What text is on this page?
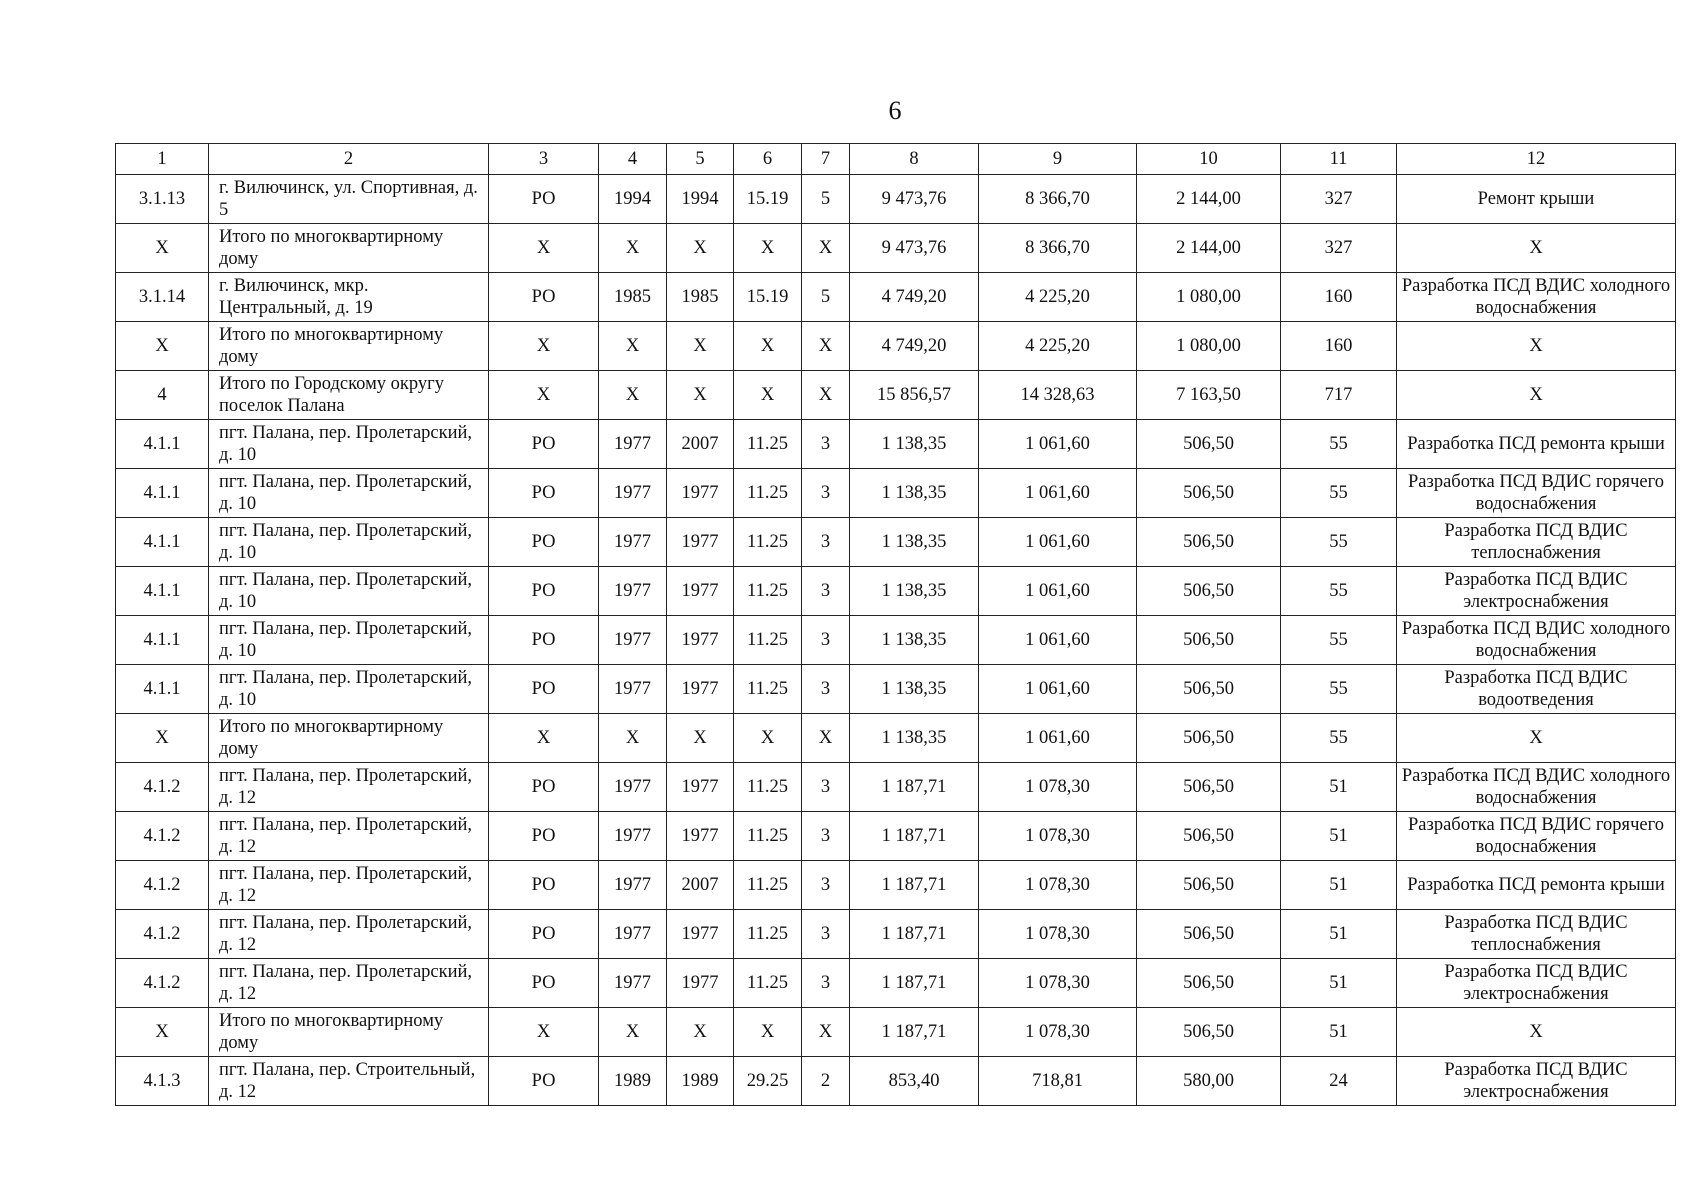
6
1	2	3	4	5	6	7	8	9	10	11	12
3.1.13	г. Вилючинск, ул. Спортивная, д. 5	РО	1994	1994	15.19	5	9 473,76	8 366,70	2 144,00	327	Ремонт крыши
Х	Итого по многоквартирному дому	Х	Х	Х	Х	Х	9 473,76	8 366,70	2 144,00	327	Х
3.1.14	г. Вилючинск, мкр. Центральный, д. 19	РО	1985	1985	15.19	5	4 749,20	4 225,20	1 080,00	160	Разработка ПСД ВДИС холодного водоснабжения
Х	Итого по многоквартирному дому	Х	Х	Х	Х	Х	4 749,20	4 225,20	1 080,00	160	Х
4	Итого по Городскому округу поселок Палана	Х	Х	Х	Х	Х	15 856,57	14 328,63	7 163,50	717	Х
4.1.1	пгт. Палана, пер. Пролетарский, д. 10	РО	1977	2007	11.25	3	1 138,35	1 061,60	506,50	55	Разработка ПСД ремонта крыши
4.1.1	пгт. Палана, пер. Пролетарский, д. 10	РО	1977	1977	11.25	3	1 138,35	1 061,60	506,50	55	Разработка ПСД ВДИС горячего водоснабжения
4.1.1	пгт. Палана, пер. Пролетарский, д. 10	РО	1977	1977	11.25	3	1 138,35	1 061,60	506,50	55	Разработка ПСД ВДИС теплоснабжения
4.1.1	пгт. Палана, пер. Пролетарский, д. 10	РО	1977	1977	11.25	3	1 138,35	1 061,60	506,50	55	Разработка ПСД ВДИС электроснабжения
4.1.1	пгт. Палана, пер. Пролетарский, д. 10	РО	1977	1977	11.25	3	1 138,35	1 061,60	506,50	55	Разработка ПСД ВДИС холодного водоснабжения
4.1.1	пгт. Палана, пер. Пролетарский, д. 10	РО	1977	1977	11.25	3	1 138,35	1 061,60	506,50	55	Разработка ПСД ВДИС водоотведения
Х	Итого по многоквартирному дому	Х	Х	Х	Х	Х	1 138,35	1 061,60	506,50	55	Х
4.1.2	пгт. Палана, пер. Пролетарский, д. 12	РО	1977	1977	11.25	3	1 187,71	1 078,30	506,50	51	Разработка ПСД ВДИС холодного водоснабжения
4.1.2	пгт. Палана, пер. Пролетарский, д. 12	РО	1977	1977	11.25	3	1 187,71	1 078,30	506,50	51	Разработка ПСД ВДИС горячего водоснабжения
4.1.2	пгт. Палана, пер. Пролетарский, д. 12	РО	1977	2007	11.25	3	1 187,71	1 078,30	506,50	51	Разработка ПСД ремонта крыши
4.1.2	пгт. Палана, пер. Пролетарский, д. 12	РО	1977	1977	11.25	3	1 187,71	1 078,30	506,50	51	Разработка ПСД ВДИС теплоснабжения
4.1.2	пгт. Палана, пер. Пролетарский, д. 12	РО	1977	1977	11.25	3	1 187,71	1 078,30	506,50	51	Разработка ПСД ВДИС электроснабжения
Х	Итого по многоквартирному дому	Х	Х	Х	Х	Х	1 187,71	1 078,30	506,50	51	Х
4.1.3	пгт. Палана, пер. Строительный, д. 12	РО	1989	1989	29.25	2	853,40	718,81	580,00	24	Разработка ПСД ВДИС электроснабжения
